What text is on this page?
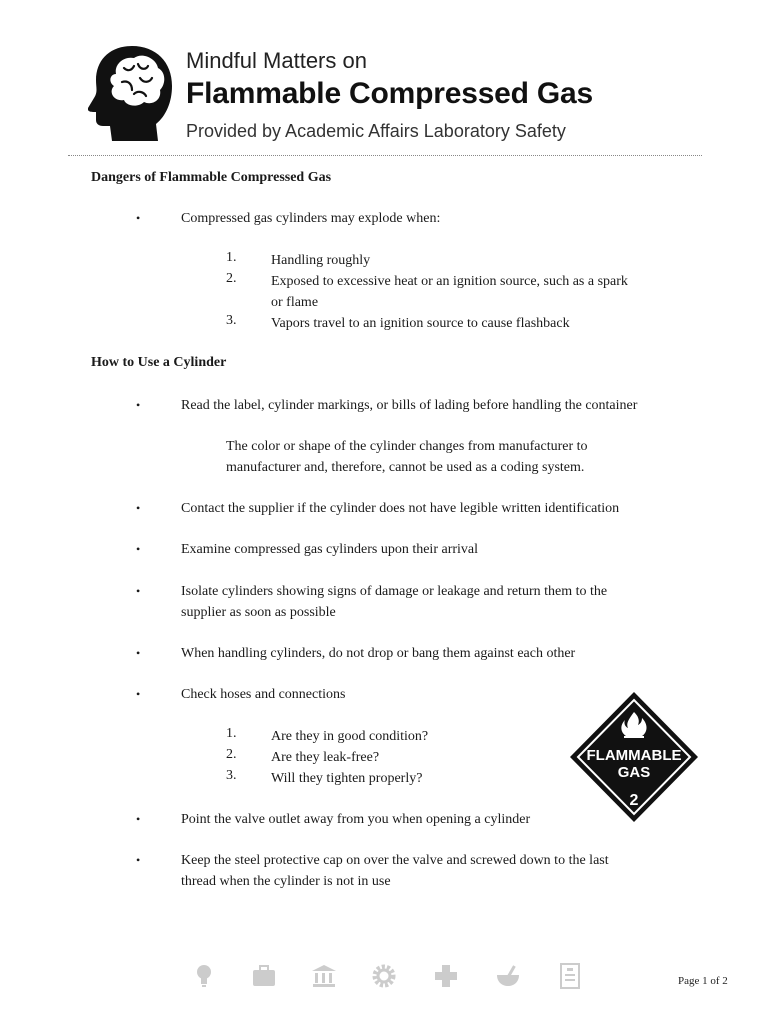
Mindful Matters on
Flammable Compressed Gas
Provided by Academic Affairs Laboratory Safety
Dangers of Flammable Compressed Gas
•	Compressed gas cylinders may explode when:
1.	Handling roughly
2.	Exposed to excessive heat or an ignition source, such as a spark
or flame
3.	Vapors travel to an ignition source to cause flashback
How to Use a Cylinder
•	Read the label, cylinder markings, or bills of lading before handling the container
The color or shape of the cylinder changes from manufacturer to
manufacturer and, therefore, cannot be used as a coding system.
•	Contact the supplier if the cylinder does not have legible written identification
•	Examine compressed gas cylinders upon their arrival
•	Isolate cylinders showing signs of damage or leakage and return them to the
supplier as soon as possible
•	When handling cylinders, do not drop or bang them against each other
•	Check hoses and connections
1.	Are they in good condition?
2.	Are they leak-free?
3.	Will they tighten properly?
•	Point the valve outlet away from you when opening a cylinder
•	Keep the steel protective cap on over the valve and screwed down to the last
thread when the cylinder is not in use
FLAMMABLE
GAS
2
Page 1 of 2
